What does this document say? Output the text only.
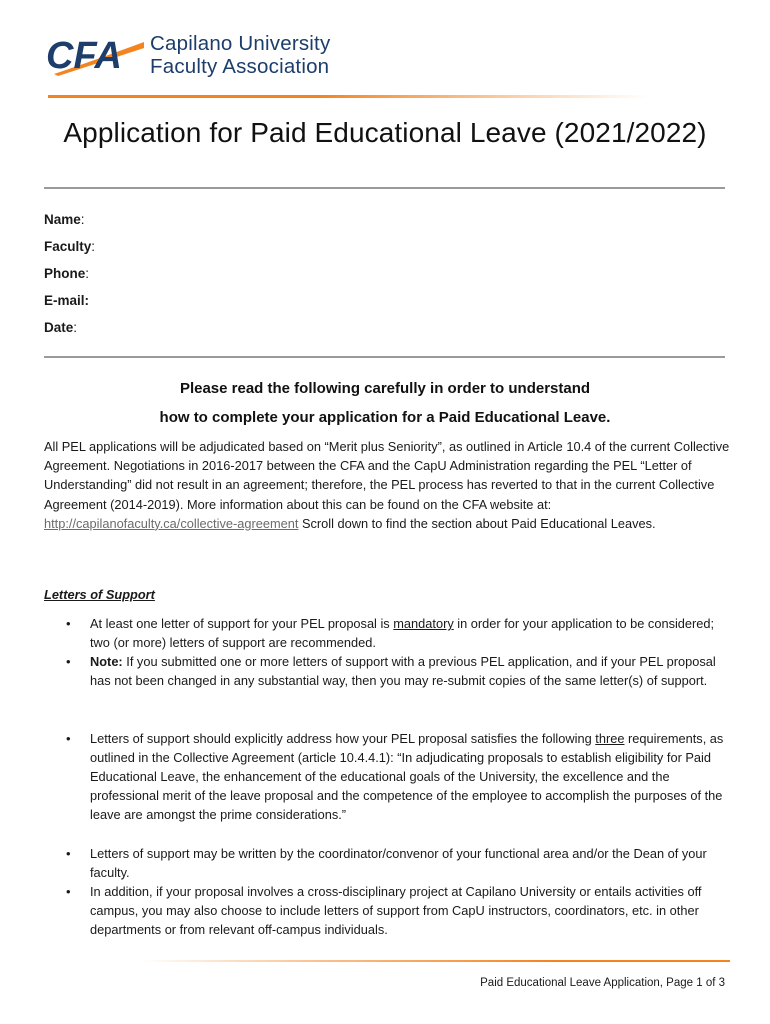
CFA Capilano University
Faculty Association
Application for Paid Educational Leave (2021/2022)
Name:
Faculty:
Phone:
E-mail:
Date:
Please read the following carefully in order to understand
how to complete your application for a Paid Educational Leave.
All PEL applications will be adjudicated based on “Merit plus Seniority”, as outlined in Article 10.4 of the current Collective Agreement. Negotiations in 2016-2017 between the CFA and the CapU Administration regarding the PEL “Letter of Understanding” did not result in an agreement; therefore, the PEL process has reverted to that in the current Collective Agreement (2014-2019). More information about this can be found on the CFA website at: http://capilanofaculty.ca/collective-agreement Scroll down to find the section about Paid Educational Leaves.
Letters of Support
• At least one letter of support for your PEL proposal is mandatory in order for your application to be considered; two (or more) letters of support are recommended.
• Note: If you submitted one or more letters of support with a previous PEL application, and if your PEL proposal has not been changed in any substantial way, then you may re-submit copies of the same letter(s) of support.
• Letters of support should explicitly address how your PEL proposal satisfies the following three requirements, as outlined in the Collective Agreement (article 10.4.4.1): “In adjudicating proposals to establish eligibility for Paid Educational Leave, the enhancement of the educational goals of the University, the excellence and the professional merit of the leave proposal and the competence of the employee to accomplish the purposes of the leave are amongst the prime considerations.”
• Letters of support may be written by the coordinator/convenor of your functional area and/or the Dean of your faculty.
• In addition, if your proposal involves a cross-disciplinary project at Capilano University or entails activities off campus, you may also choose to include letters of support from CapU instructors, coordinators, etc. in other departments or from relevant off-campus individuals.
Paid Educational Leave Application, Page 1 of 3
